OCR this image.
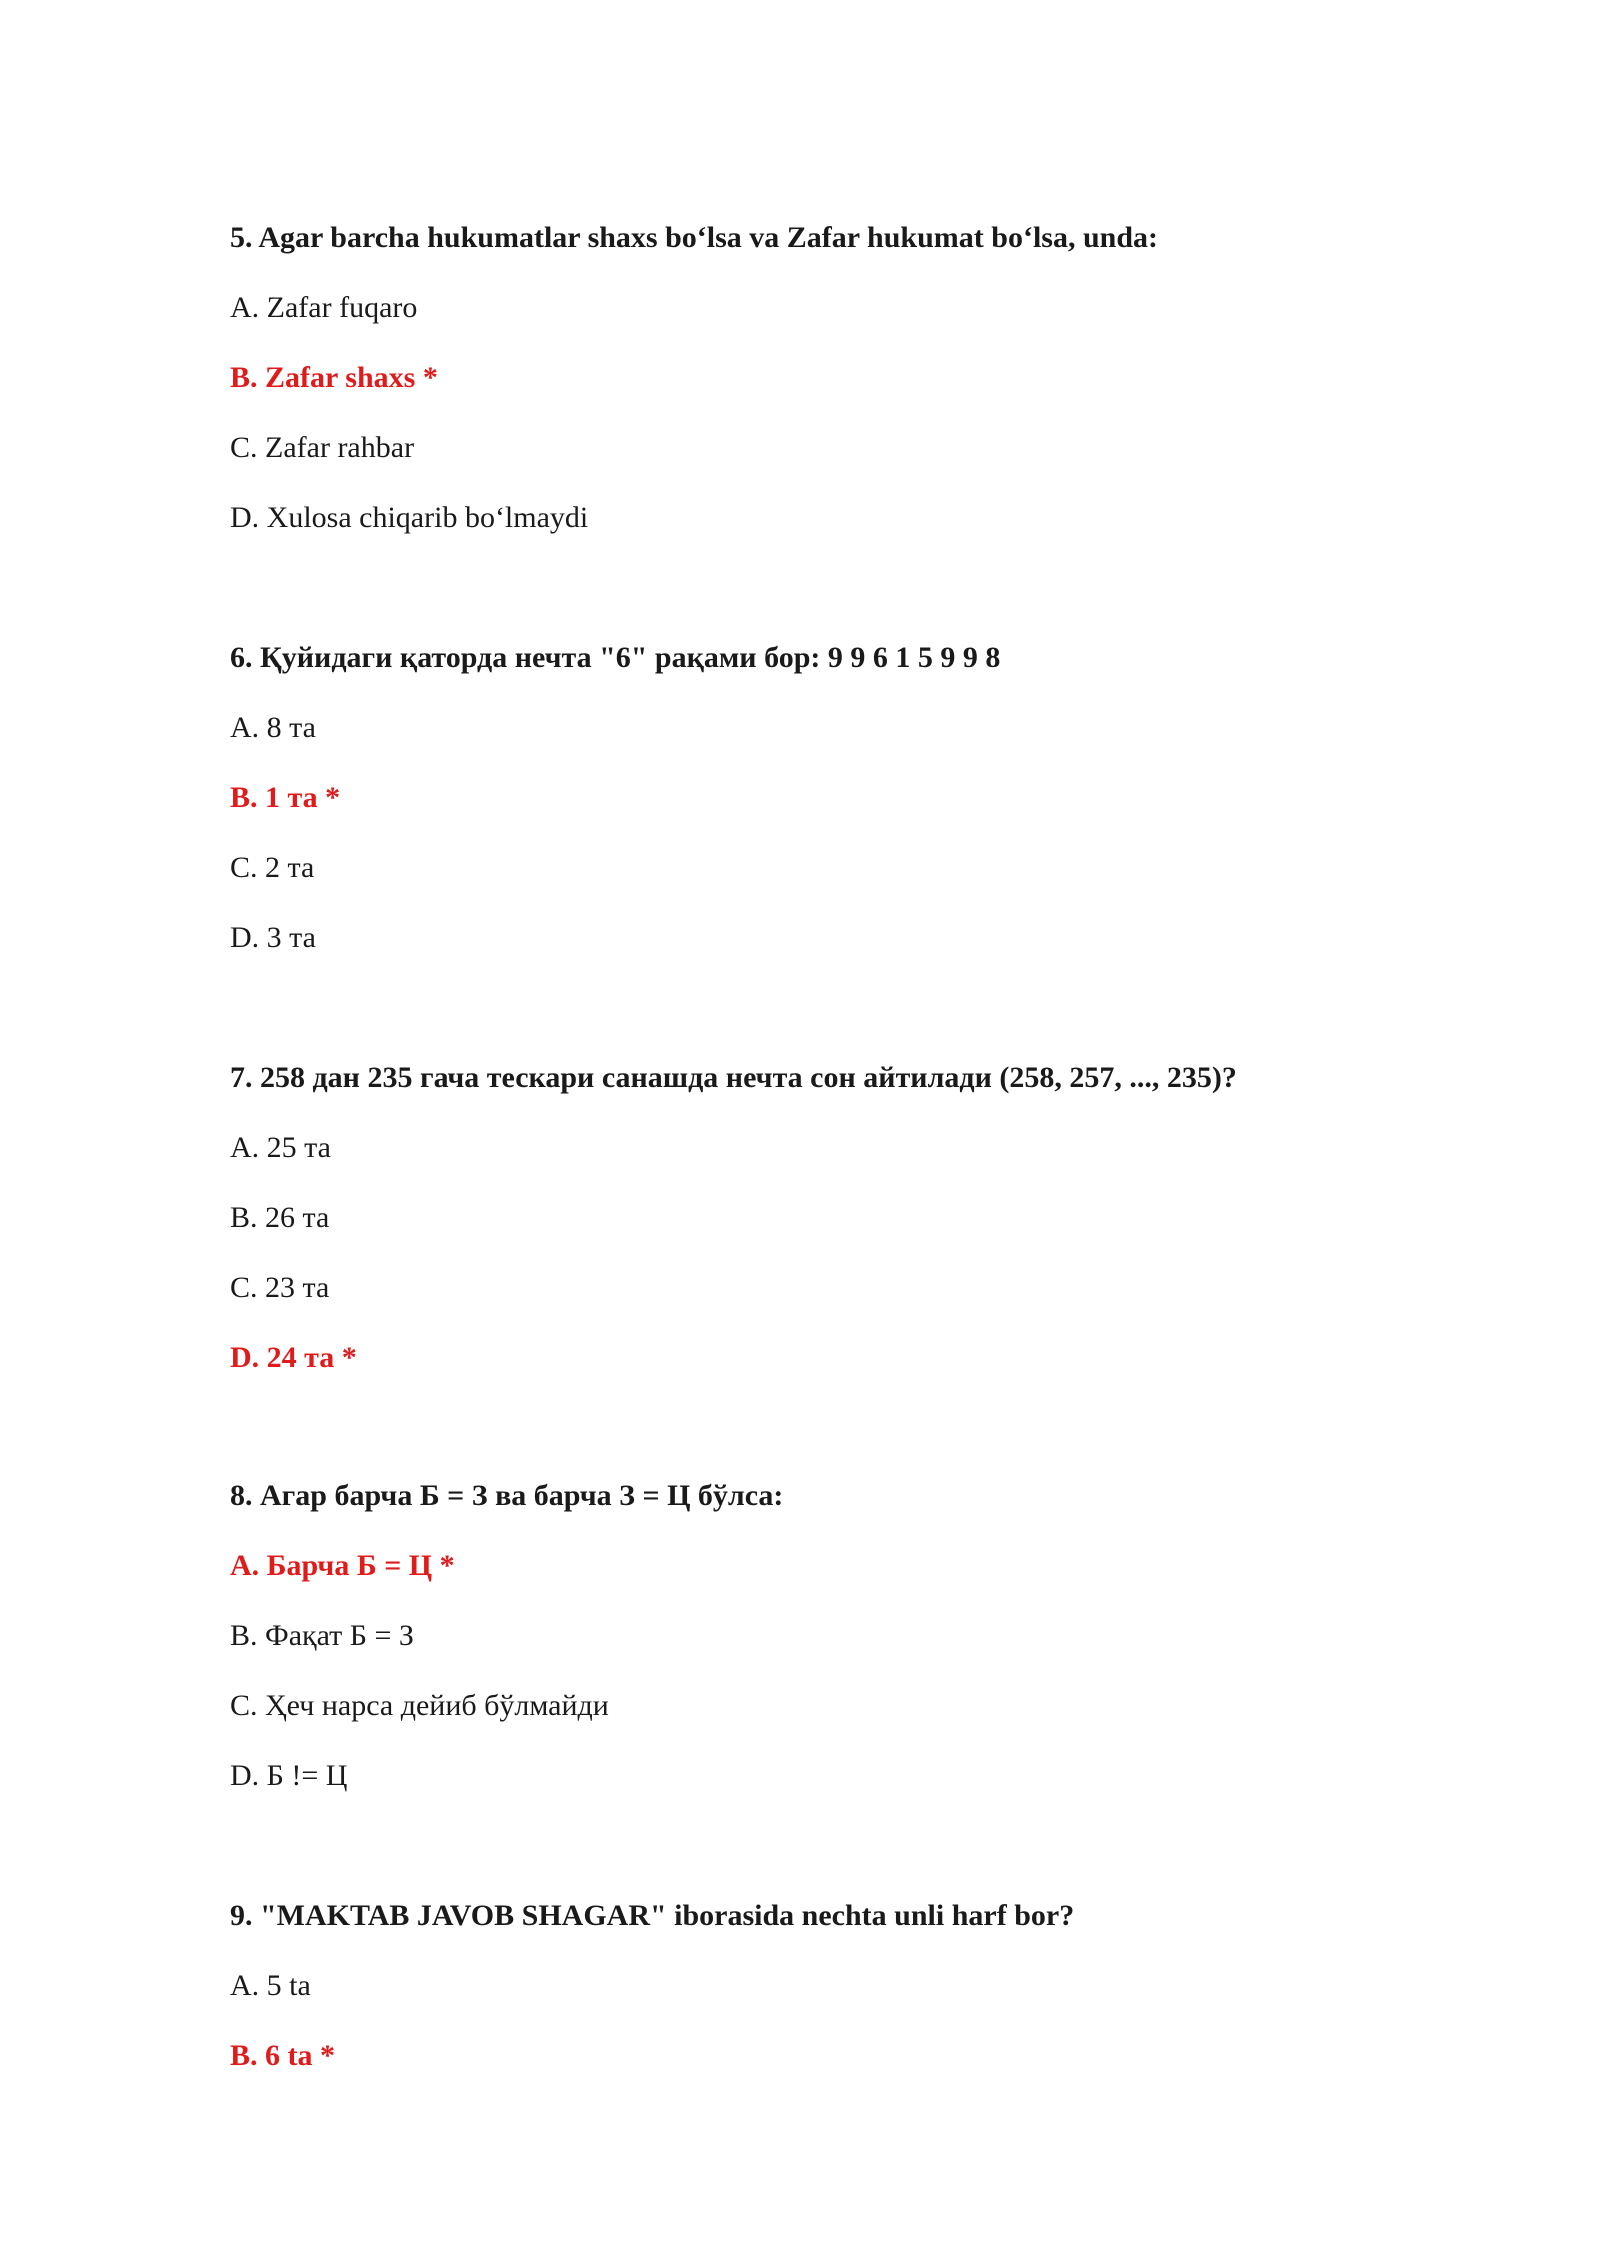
5. Agar barcha hukumatlar shaxs bo‘lsa va Zafar hukumat bo‘lsa, unda:
A. Zafar fuqaro
B. Zafar shaxs *
C. Zafar rahbar
D. Xulosa chiqarib bo‘lmaydi
6. Қуйидаги қаторда нечта "6" рақами бор: 9 9 6 1 5 9 9 8
A. 8 та
B. 1 та *
C. 2 та
D. 3 та
7. 258 дан 235 гача тескари санашда нечта сон айтилади (258, 257, ..., 235)?
A. 25 та
B. 26 та
C. 23 та
D. 24 та *
8. Агар барча Б = З ва барча З = Ц бўлса:
A. Барча Б = Ц *
B. Фақат Б = З
C. Ҳеч нарса дейиб бўлмайди
D. Б != Ц
9. "MAKTAB JAVOB SHAGAR" iborasida nechta unli harf bor?
A. 5 ta
B. 6 ta *
